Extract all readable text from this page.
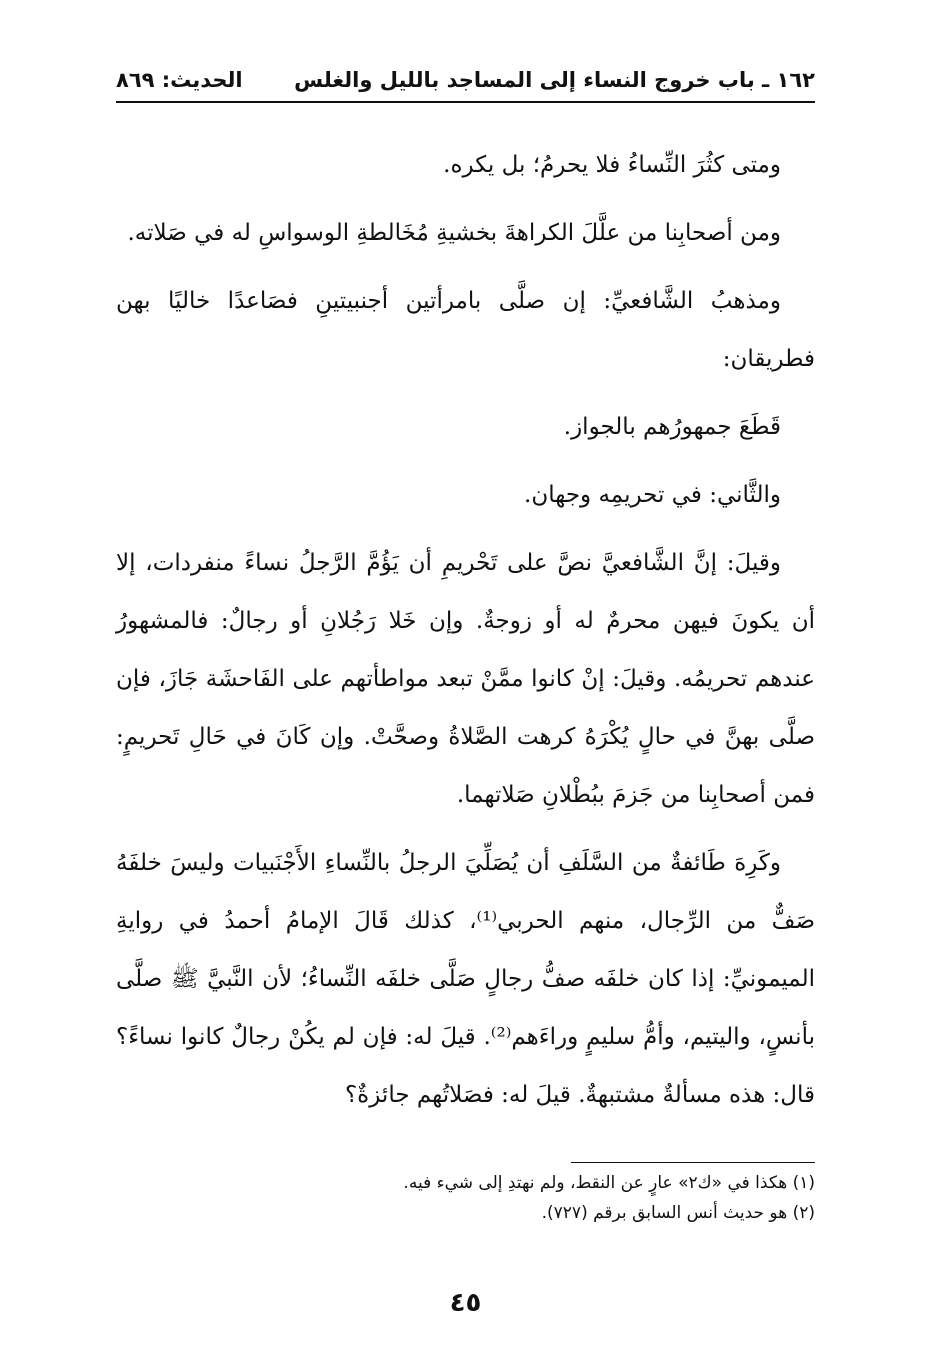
١٦٢ ـ باب خروج النساء إلى المساجد بالليل والغلس
الحديث: ٨٦٩

ومتى كثُرَ النِّساءُ فلا يحرمُ؛ بل يكره.

ومن أصحابِنا من علَّلَ الكراهةَ بخشيةِ مُخَالطةِ الوسواسِ له في صَلاته.

ومذهبُ الشَّافعيِّ: إن صلَّى بامرأتين أجنبيتينِ فصَاعدًا خاليًا بهن فطريقان:

قَطَعَ جمهورُهم بالجواز.

والثَّاني: في تحريمِه وجهان.

وقيلَ: إنَّ الشَّافعيَّ نصَّ على تَحْريمِ أن يَؤُمَّ الرَّجلُ نساءً منفردات، إلا أن يكونَ فيهن محرمٌ له أو زوجةٌ. وإن خَلا رَجُلانِ أو رجالٌ: فالمشهورُ عندهم تحريمُه. وقيلَ: إنْ كانوا ممَّنْ تبعد مواطأتهم على الفَاحشَة جَازَ، فإن صلَّى بهنَّ في حالٍ يُكْرَهُ كرهت الصَّلاةُ وصحَّتْ. وإن كَانَ في حَالِ تَحريمٍ: فمن أصحابِنا من جَزمَ ببُطْلانِ صَلاتهما.

وكَرِهَ طَائفةٌ من السَّلَفِ أن يُصَلِّيَ الرجلُ بالنِّساءِ الأَجْنَبيات وليسَ خلفَهُ صَفٌّ من الرِّجال، منهم الحربي⁽¹⁾، كذلك قَالَ الإمامُ أحمدُ في روايةِ الميمونيِّ: إذا كان خلفَه صفُّ رجالٍ صَلَّى خلفَه النِّساءُ؛ لأن النَّبيَّ ﷺ صلَّى بأنسٍ، واليتيم، وأمُّ سليمٍ وراءَهم⁽²⁾. قيلَ له: فإن لم يكُنْ رجالٌ كانوا نساءً؟ قال: هذه مسألةٌ مشتبهةٌ. قيلَ له: فصَلاتُهم جائزةٌ؟

(١) هكذا في «ك٢» عارٍ عن النقط، ولم نهتدِ إلى شيء فيه.
(٢) هو حديث أنس السابق برقم (٧٢٧).
٤٥
